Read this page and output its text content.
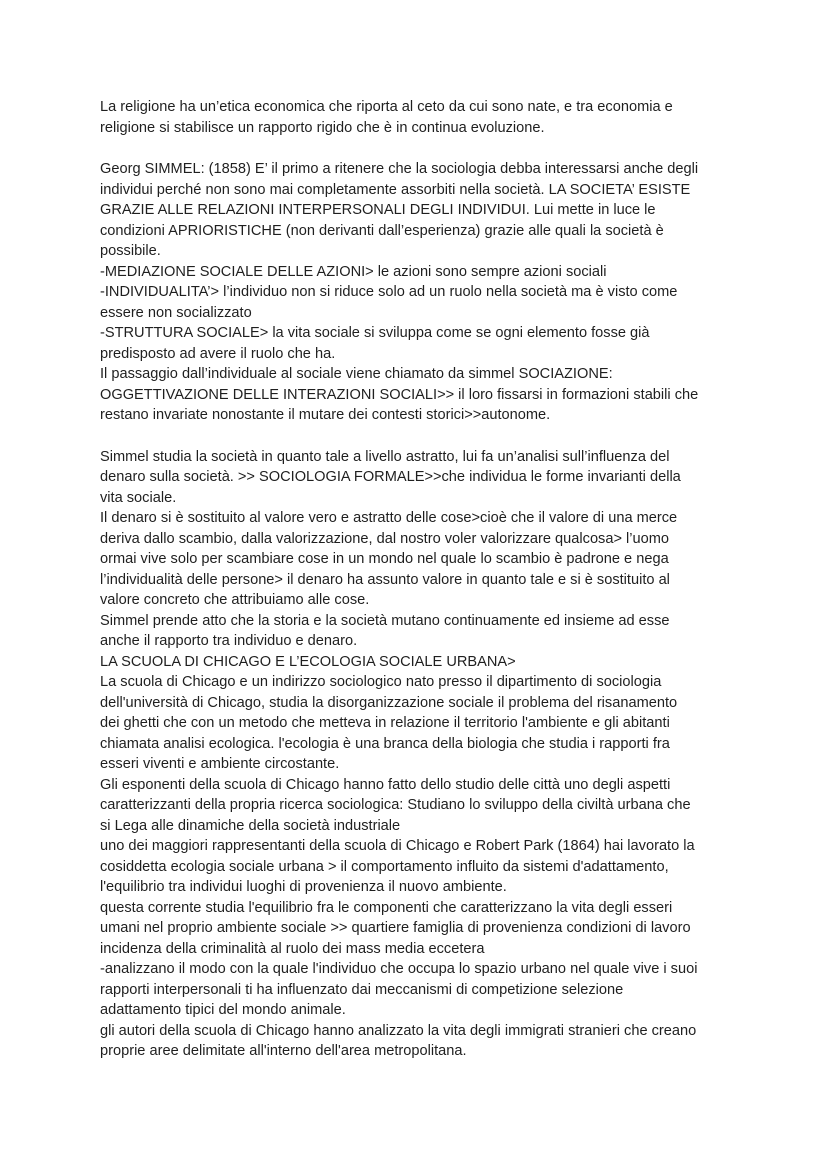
La religione ha un’etica economica che riporta al ceto da cui sono nate, e tra economia e
religione si stabilisce un rapporto rigido che è in continua evoluzione.

Georg SIMMEL: (1858) E’ il primo a ritenere che la sociologia debba interessarsi anche degli
individui perché non sono mai completamente assorbiti nella società. LA SOCIETA’ ESISTE
GRAZIE ALLE RELAZIONI INTERPERSONALI DEGLI INDIVIDUI. Lui mette in luce le
condizioni APRIORISTICHE (non derivanti dall’esperienza) grazie alle quali la società è
possibile.
-MEDIAZIONE SOCIALE DELLE AZIONI> le azioni sono sempre azioni sociali
-INDIVIDUALITA’> l’individuo non si riduce solo ad un ruolo nella società ma è visto come
essere non socializzato
-STRUTTURA SOCIALE> la vita sociale si sviluppa come se ogni elemento fosse già
predisposto ad avere il ruolo che ha.
Il passaggio dall’individuale al sociale viene chiamato da simmel SOCIAZIONE:
OGGETTIVAZIONE DELLE INTERAZIONI SOCIALI>> il loro fissarsi in formazioni stabili che
restano invariate nonostante il mutare dei contesti storici>>autonome.

Simmel studia la società in quanto tale a livello astratto, lui fa un’analisi sull’influenza del
denaro sulla società. >> SOCIOLOGIA FORMALE>>che individua le forme invarianti della
vita sociale.
Il denaro si è sostituito al valore vero e astratto delle cose>cioè che il valore di una merce
deriva dallo scambio, dalla valorizzazione, dal nostro voler valorizzare qualcosa> l’uomo
ormai vive solo per scambiare cose in un mondo nel quale lo scambio è padrone e nega
l’individualità delle persone> il denaro ha assunto valore in quanto tale e si è sostituito al
valore concreto che attribuiamo alle cose.
Simmel prende atto che la storia e la società mutano continuamente ed insieme ad esse
anche il rapporto tra individuo e denaro.
LA SCUOLA DI CHICAGO E L’ECOLOGIA SOCIALE URBANA>
La scuola di Chicago e un indirizzo sociologico nato presso il dipartimento di sociologia
dell'università di Chicago, studia la disorganizzazione sociale il problema del risanamento
dei ghetti che con un metodo che metteva in relazione il territorio l'ambiente e gli abitanti
chiamata analisi ecologica. l'ecologia è una branca della biologia che studia i rapporti fra
esseri viventi e ambiente circostante.
Gli esponenti della scuola di Chicago hanno fatto dello studio delle città uno degli aspetti
caratterizzanti della propria ricerca sociologica: Studiano lo sviluppo della civiltà urbana che
si Lega alle dinamiche della società industriale
uno dei maggiori rappresentanti della scuola di Chicago e Robert Park (1864) hai lavorato la
cosiddetta ecologia sociale urbana > il comportamento influito da sistemi d'adattamento,
l'equilibrio tra individui luoghi di provenienza il nuovo ambiente.
questa corrente studia l'equilibrio fra le componenti che caratterizzano la vita degli esseri
umani nel proprio ambiente sociale >> quartiere famiglia di provenienza condizioni di lavoro
incidenza della criminalità al ruolo dei mass media eccetera
-analizzano il modo con la quale l'individuo che occupa lo spazio urbano nel quale vive i suoi
rapporti interpersonali ti ha influenzato dai meccanismi di competizione selezione
adattamento tipici del mondo animale.
gli autori della scuola di Chicago hanno analizzato la vita degli immigrati stranieri che creano
proprie aree delimitate all'interno dell'area metropolitana.
